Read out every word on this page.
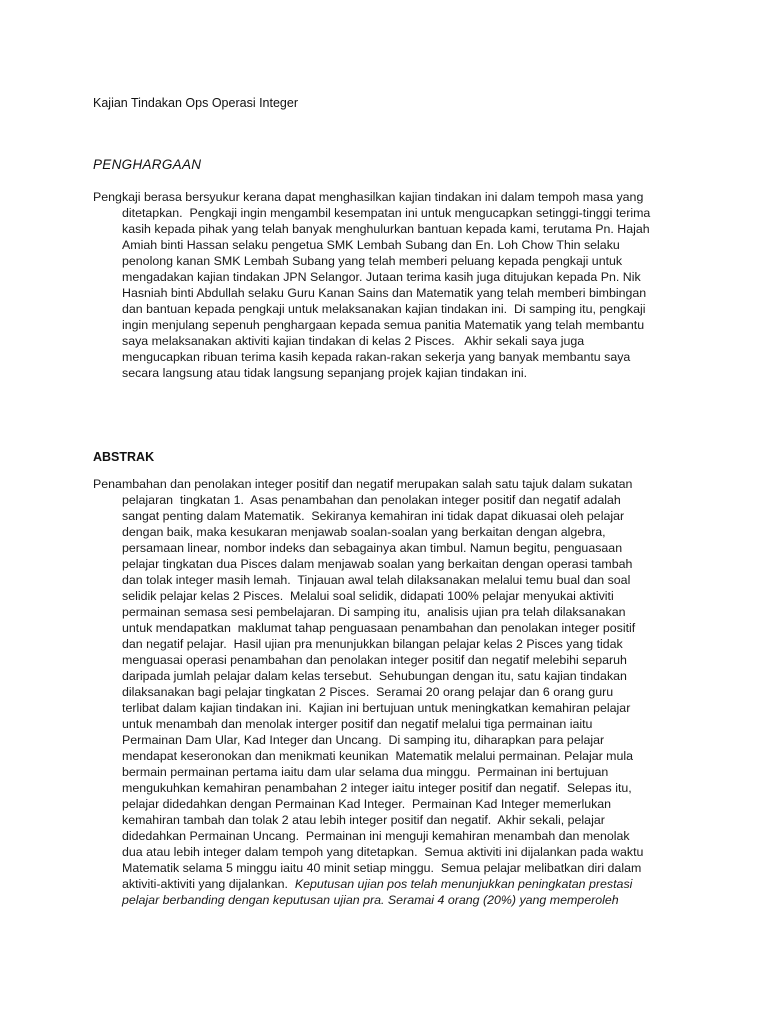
Kajian Tindakan Ops Operasi Integer
PENGHARGAAN
Pengkaji berasa bersyukur kerana dapat menghasilkan kajian tindakan ini dalam tempoh masa yang
ditetapkan.  Pengkaji ingin mengambil kesempatan ini untuk mengucapkan setinggi-tinggi terima
kasih kepada pihak yang telah banyak menghulurkan bantuan kepada kami, terutama Pn. Hajah
Amiah binti Hassan selaku pengetua SMK Lembah Subang dan En. Loh Chow Thin selaku
penolong kanan SMK Lembah Subang yang telah memberi peluang kepada pengkaji untuk
mengadakan kajian tindakan JPN Selangor. Jutaan terima kasih juga ditujukan kepada Pn. Nik
Hasniah binti Abdullah selaku Guru Kanan Sains dan Matematik yang telah memberi bimbingan
dan bantuan kepada pengkaji untuk melaksanakan kajian tindakan ini.  Di samping itu, pengkaji
ingin menjulang sepenuh penghargaan kepada semua panitia Matematik yang telah membantu
saya melaksanakan aktiviti kajian tindakan di kelas 2 Pisces.   Akhir sekali saya juga
mengucapkan ribuan terima kasih kepada rakan-rakan sekerja yang banyak membantu saya
secara langsung atau tidak langsung sepanjang projek kajian tindakan ini.
ABSTRAK
Penambahan dan penolakan integer positif dan negatif merupakan salah satu tajuk dalam sukatan
pelajaran  tingkatan 1.  Asas penambahan dan penolakan integer positif dan negatif adalah
sangat penting dalam Matematik.  Sekiranya kemahiran ini tidak dapat dikuasai oleh pelajar
dengan baik, maka kesukaran menjawab soalan-soalan yang berkaitan dengan algebra,
persamaan linear, nombor indeks dan sebagainya akan timbul. Namun begitu, penguasaan
pelajar tingkatan dua Pisces dalam menjawab soalan yang berkaitan dengan operasi tambah
dan tolak integer masih lemah.  Tinjauan awal telah dilaksanakan melalui temu bual dan soal
selidik pelajar kelas 2 Pisces.  Melalui soal selidik, didapati 100% pelajar menyukai aktiviti
permainan semasa sesi pembelajaran. Di samping itu,  analisis ujian pra telah dilaksanakan
untuk mendapatkan  maklumat tahap penguasaan penambahan dan penolakan integer positif
dan negatif pelajar.  Hasil ujian pra menunjukkan bilangan pelajar kelas 2 Pisces yang tidak
menguasai operasi penambahan dan penolakan integer positif dan negatif melebihi separuh
daripada jumlah pelajar dalam kelas tersebut.  Sehubungan dengan itu, satu kajian tindakan
dilaksanakan bagi pelajar tingkatan 2 Pisces.  Seramai 20 orang pelajar dan 6 orang guru
terlibat dalam kajian tindakan ini.  Kajian ini bertujuan untuk meningkatkan kemahiran pelajar
untuk menambah dan menolak interger positif dan negatif melalui tiga permainan iaitu
Permainan Dam Ular, Kad Integer dan Uncang.  Di samping itu, diharapkan para pelajar
mendapat keseronokan dan menikmati keunikan  Matematik melalui permainan. Pelajar mula
bermain permainan pertama iaitu dam ular selama dua minggu.  Permainan ini bertujuan
mengukuhkan kemahiran penambahan 2 integer iaitu integer positif dan negatif.  Selepas itu,
pelajar didedahkan dengan Permainan Kad Integer.  Permainan Kad Integer memerlukan
kemahiran tambah dan tolak 2 atau lebih integer positif dan negatif.  Akhir sekali, pelajar
didedahkan Permainan Uncang.  Permainan ini menguji kemahiran menambah dan menolak
dua atau lebih integer dalam tempoh yang ditetapkan.  Semua aktiviti ini dijalankan pada waktu
Matematik selama 5 minggu iaitu 40 minit setiap minggu.  Semua pelajar melibatkan diri dalam
aktiviti-aktiviti yang dijalankan.  Keputusan ujian pos telah menunjukkan peningkatan prestasi
pelajar berbanding dengan keputusan ujian pra. Seramai 4 orang (20%) yang memperoleh
